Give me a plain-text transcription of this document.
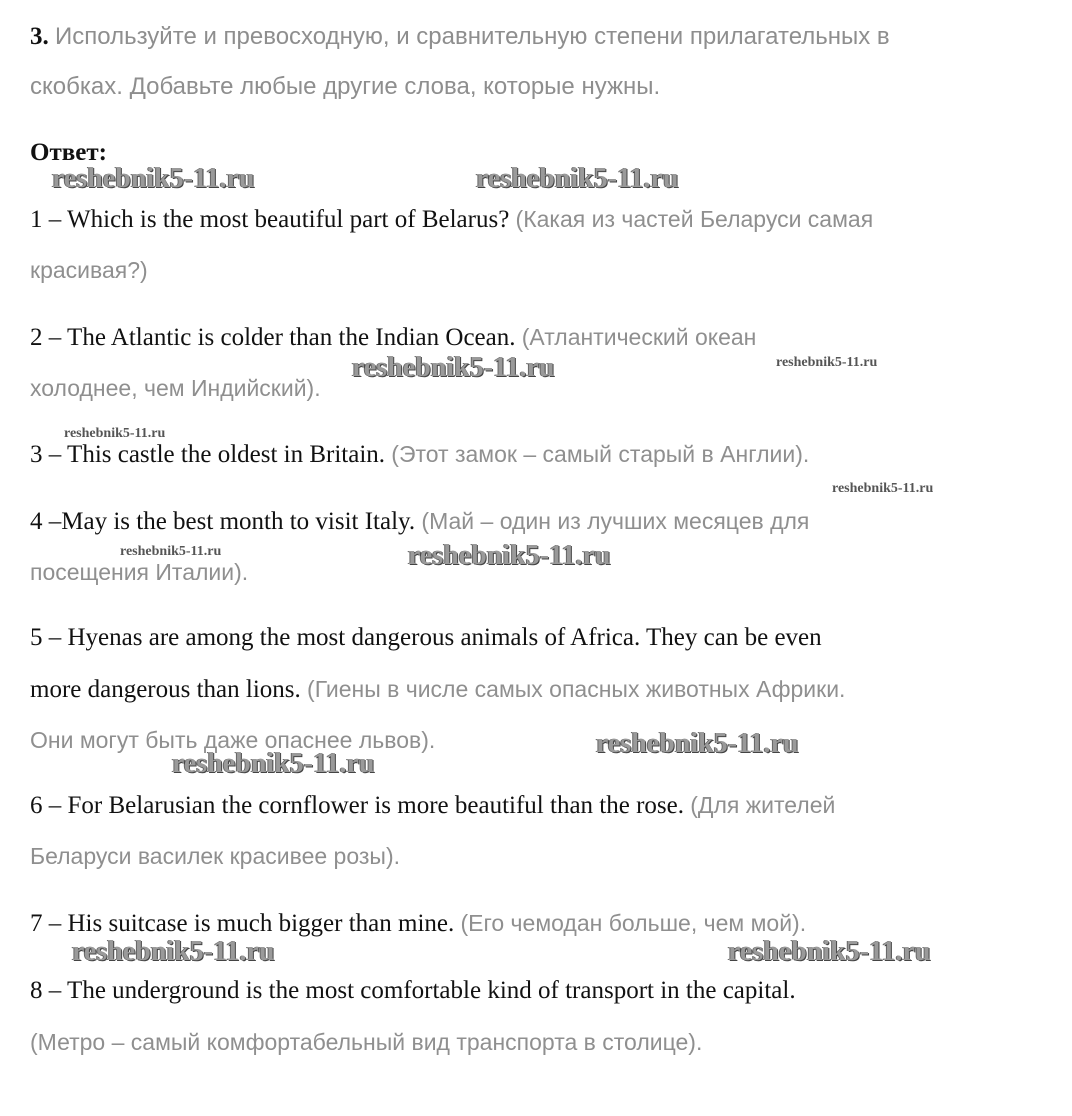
3. Используйте и превосходную, и сравнительную степени прилагательных в
скобках. Добавьте любые другие слова, которые нужны.
Ответ:
1 – Which is the most beautiful part of Belarus? (Какая из частей Беларуси самая
красивая?)
2 – The Atlantic is colder than the Indian Ocean. (Атлантический океан
холоднее, чем Индийский).
3 – This castle the oldest in Britain. (Этот замок – самый старый в Англии).
4 –May is the best month to visit Italy. (Май – один из лучших месяцев для
посещения Италии).
5 – Hyenas are among the most dangerous animals of Africa. They can be even
more dangerous than lions. (Гиены в числе самых опасных животных Африки.
Они могут быть даже опаснее львов).
6 – For Belarusian the cornflower is more beautiful than the rose. (Для жителей
Беларуси василек красивее розы).
7 – His suitcase is much bigger than mine. (Его чемодан больше, чем мой).
8 – The underground is the most comfortable kind of transport in the capital.
(Метро – самый комфортабельный вид транспорта в столице).
reshebnik5-11.ru	reshebnik5-11.ru
reshebnik5-11.ru	reshebnik5-11.ru
reshebnik5-11.ru
reshebnik5-11.ru
reshebnik5-11.ru	reshebnik5-11.ru
reshebnik5-11.ru
reshebnik5-11.ru
reshebnik5-11.ru	reshebnik5-11.ru
